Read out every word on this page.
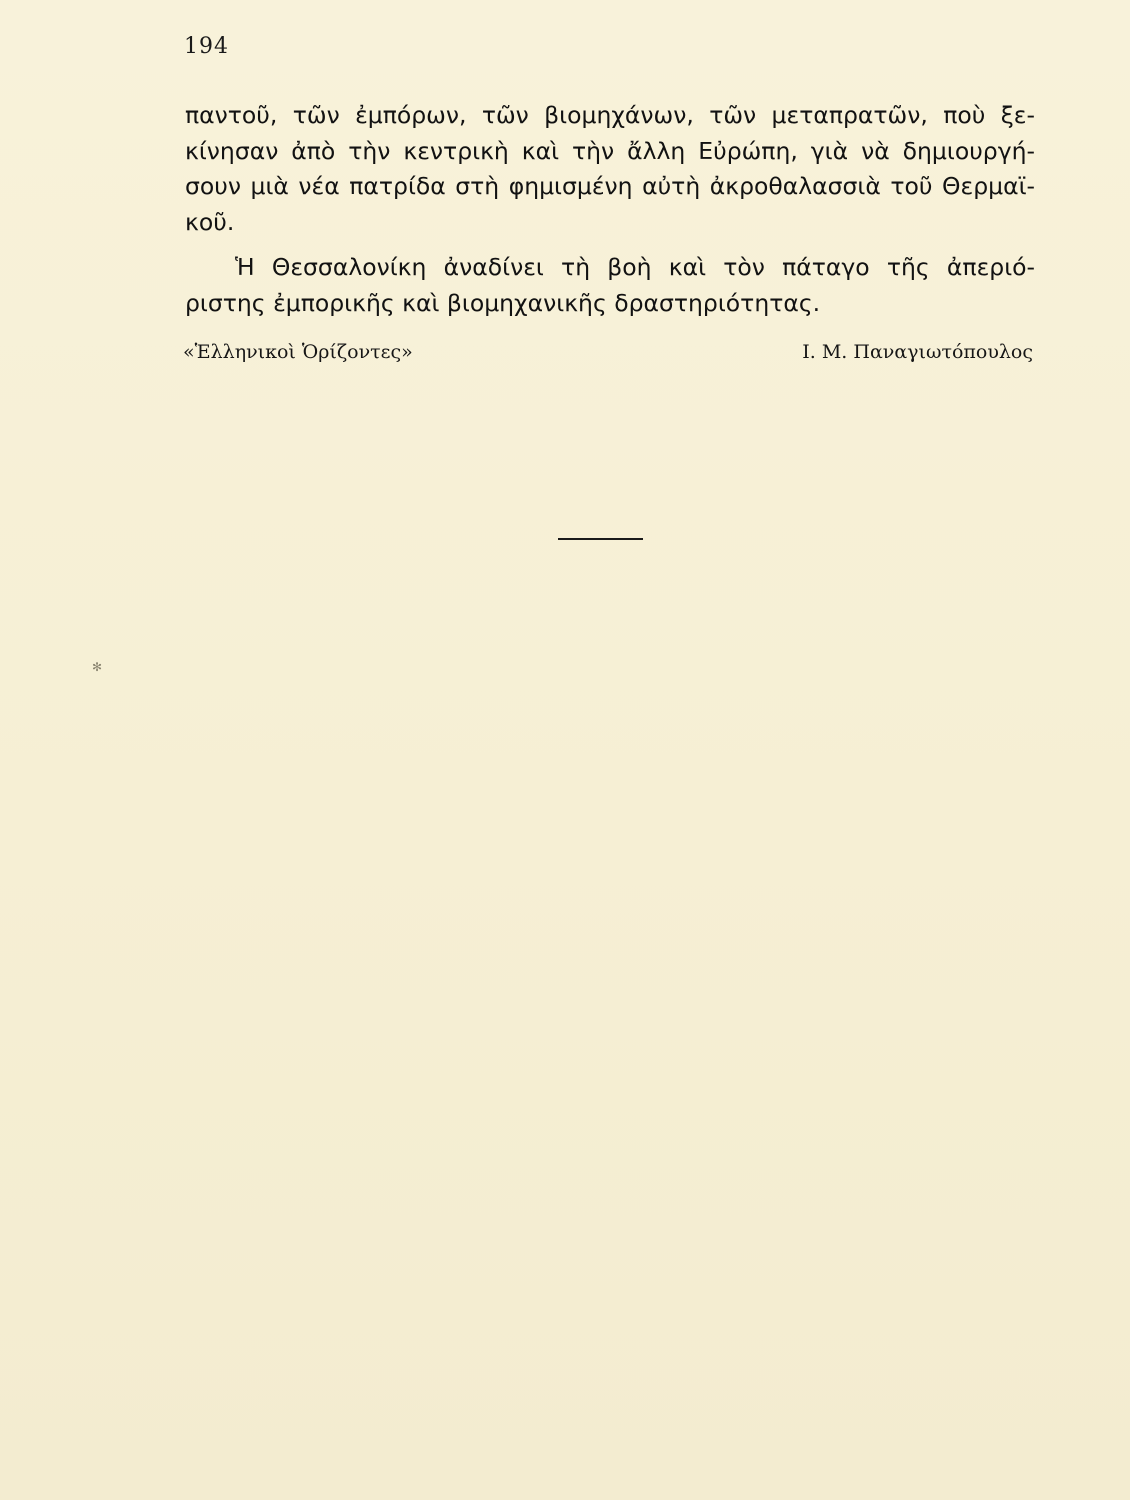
194
παντοῦ, τῶν ἐμπόρων, τῶν βιομηχάνων, τῶν μεταπρατῶν, ποὺ ξε-
κίνησαν ἀπὸ τὴν κεντρικὴ καὶ τὴν ἄλλη Εὐρώπη, γιὰ νὰ δημιουργή-
σουν μιὰ νέα πατρίδα στὴ φημισμένη αὐτὴ ἀκροθαλασσιὰ τοῦ Θερμαϊ-
κοῦ.
Ἡ Θεσσαλονίκη ἀναδίνει τὴ βοὴ καὶ τὸν πάταγο τῆς ἀπεριό-
ριστης ἐμπορικῆς καὶ βιομηχανικῆς δραστηριότητας.
«Ἑλληνικοὶ Ὁρίζοντες»	Ι. Μ. Παναγιωτόπουλος
✻
